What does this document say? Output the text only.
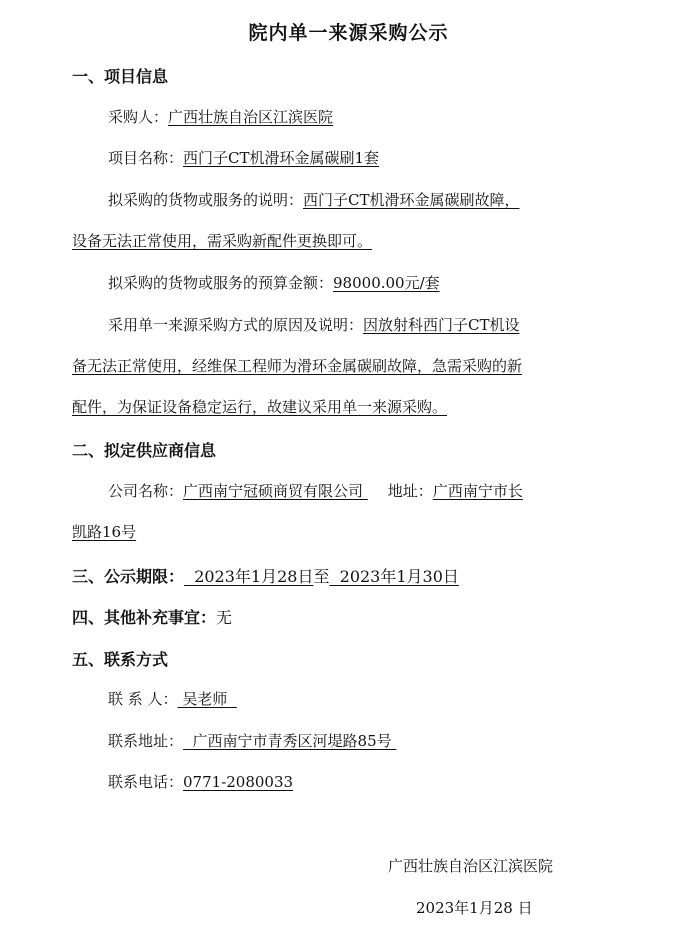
院内单一来源采购公示
一、项目信息
采购人：广西壮族自治区江滨医院
项目名称：西门子CT机滑环金属碳刷1套
拟采购的货物或服务的说明：西门子CT机滑环金属碳刷故障，
设备无法正常使用，需采购新配件更换即可。
拟采购的货物或服务的预算金额：98000.00元/套
采用单一来源采购方式的原因及说明：因放射科西门子CT机设
备无法正常使用，经维保工程师为滑环金属碳刷故障，急需采购的新
配件，为保证设备稳定运行，故建议采用单一来源采购。
二、拟定供应商信息
公司名称：广西南宁冠硕商贸有限公司 地址：广西南宁市长
凯路16号
三、公示期限：  2023年1月28日至  2023年1月30日
四、其他补充事宜：无
五、联系方式
联 系 人： 吴老师
联系地址：  广西南宁市青秀区河堤路85号
联系电话：0771-2080033
广西壮族自治区江滨医院
2023年1月28 日
